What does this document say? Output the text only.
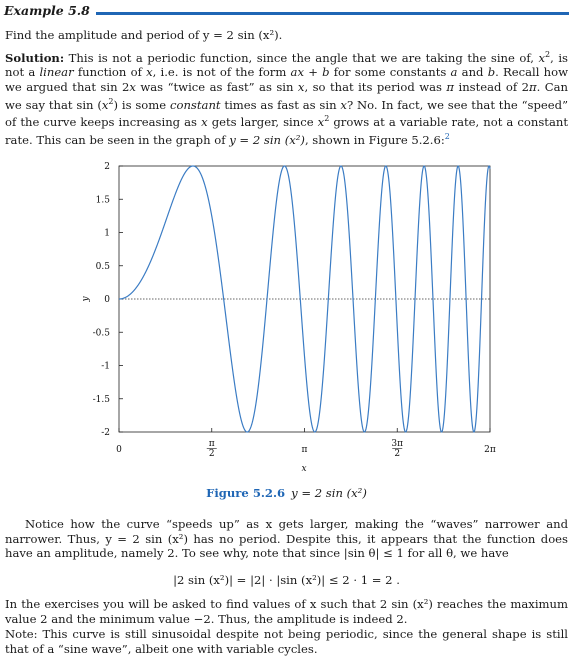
Example 5.8

Find the amplitude and period of y = 2 sin (x²).

Solution: This is not a periodic function, since the angle that we are taking the sine of, $x^2$, is not a linear function of x, i.e. is not of the form ax + b for some constants a and b. Recall how we argued that sin 2x was “twice as fast” as sin x, so that its period was π instead of 2π. Can we say that $\sin (x^2)$ is some constant times as fast as sin x? No. In fact, we see that the “speed” of the curve keeps increasing as x gets larger, since $x^2$ grows at a variable rate, not a constant rate. This can be seen in the graph of y = 2 sin (x²), shown in Figure 5.2.6:$^2$

2
1.5
1
0.5
0
-0.5
-1
-1.5
-2
0
π
2	π
3π
2	2π
y
x
Figure 5.2.6 y = 2 sin (x²)

Notice how the curve “speeds up” as x gets larger, making the “waves” narrower and narrower. Thus, y = 2 sin (x²) has no period. Despite this, it appears that the function does have an amplitude, namely 2. To see why, note that since |sin θ| ≤ 1 for all θ, we have

|2 sin (x²)| = |2| · |sin (x²)| ≤ 2 · 1 = 2 .

In the exercises you will be asked to find values of x such that 2 sin (x²) reaches the maximum value 2 and the minimum value −2. Thus, the amplitude is indeed 2.

Note: This curve is still sinusoidal despite not being periodic, since the general shape is still that of a “sine wave”, albeit one with variable cycles.
